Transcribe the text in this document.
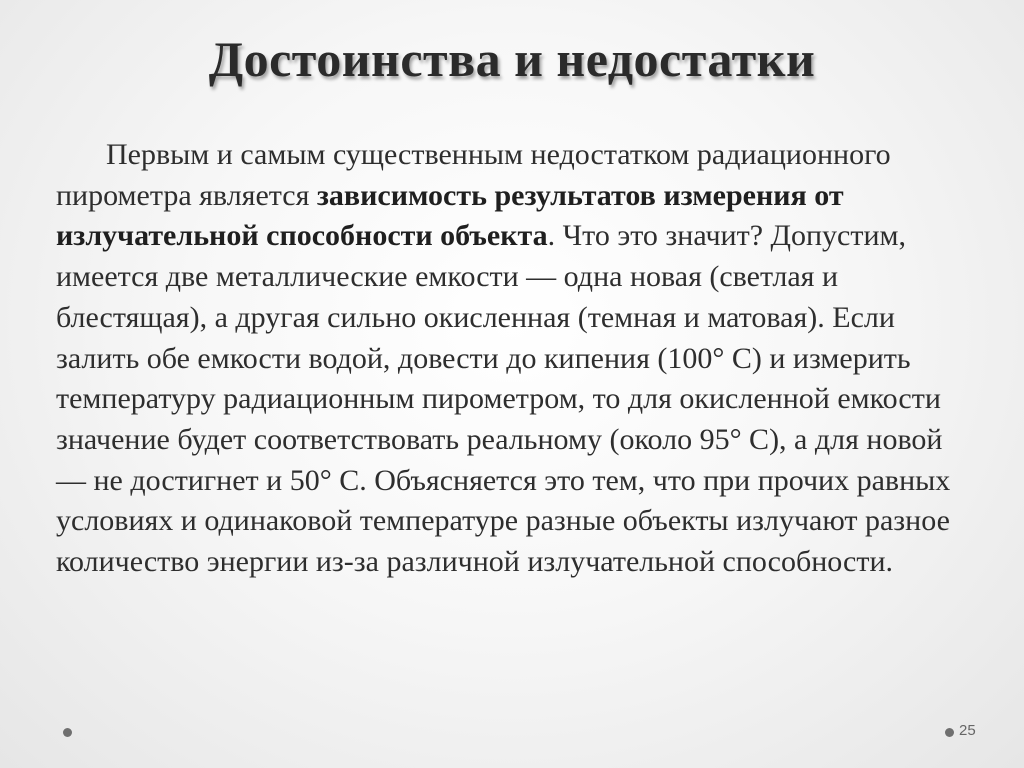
Достоинства и недостатки

Первым и самым существенным недостатком радиационного пирометра является зависимость результатов измерения от излучательной способности объекта. Что это значит? Допустим, имеется две металлические емкости — одна новая (светлая и блестящая), а другая сильно окисленная (темная и матовая). Если залить обе емкости водой, довести до кипения (100° С) и измерить температуру радиационным пирометром, то для окисленной емкости значение будет соответствовать реальному (около 95° С), а для новой — не достигнет и 50° С. Объясняется это тем, что при прочих равных условиях и одинаковой температуре разные объекты излучают разное количество энергии из-за различной излучательной способности.

25
